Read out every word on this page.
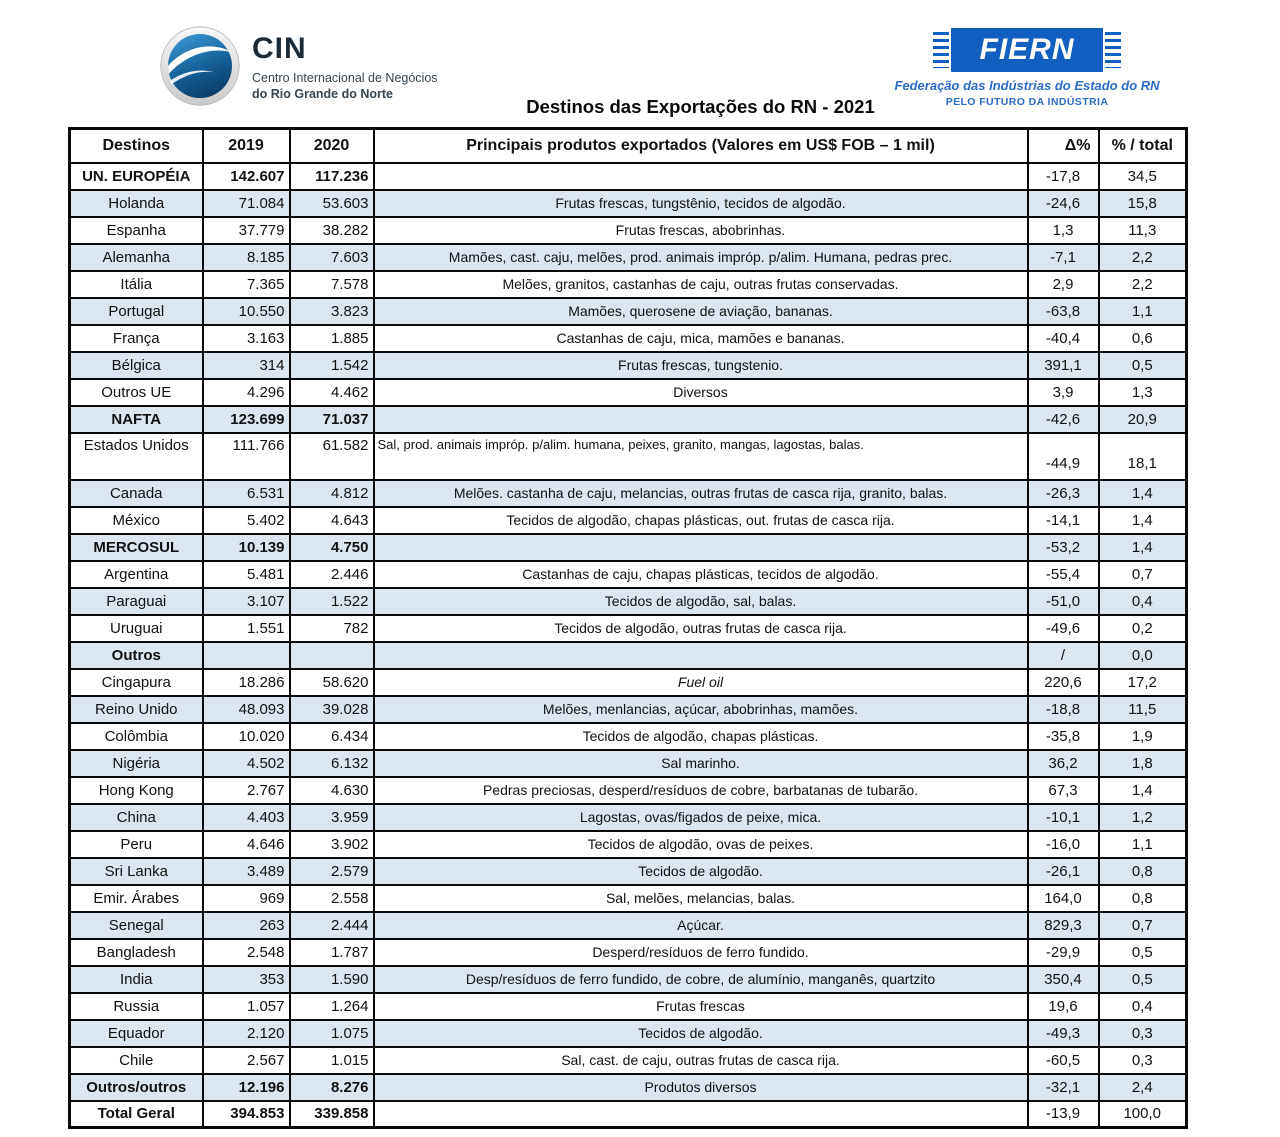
CIN
Centro Internacional de Negócios
do Rio Grande do Norte
FIERN
Federação das Indústrias do Estado do RN
PELO FUTURO DA INDÚSTRIA
Destinos das Exportações do RN - 2021
Destinos	2019	2020	Principais produtos exportados (Valores em US$ FOB – 1 mil)	Δ%	% / total
UN. EUROPÉIA	142.607	117.236		-17,8	34,5
Holanda	71.084	53.603	Frutas frescas, tungstênio, tecidos de algodão.	-24,6	15,8
Espanha	37.779	38.282	Frutas frescas, abobrinhas.	1,3	11,3
Alemanha	8.185	7.603	Mamões, cast. caju, melões, prod. animais impróp. p/alim. Humana, pedras prec.	-7,1	2,2
Itália	7.365	7.578	Melões, granitos, castanhas de caju, outras frutas conservadas.	2,9	2,2
Portugal	10.550	3.823	Mamões, querosene de aviação, bananas.	-63,8	1,1
França	3.163	1.885	Castanhas de caju, mica, mamões e bananas.	-40,4	0,6
Bélgica	314	1.542	Frutas frescas, tungstenio.	391,1	0,5
Outros UE	4.296	4.462	Diversos	3,9	1,3
NAFTA	123.699	71.037		-42,6	20,9
Estados Unidos	111.766	61.582	Sal, prod. animais impróp. p/alim. humana, peixes, granito, mangas, lagostas, balas.	-44,9	18,1
Canada	6.531	4.812	Melões. castanha de caju, melancias, outras frutas de casca rija, granito, balas.	-26,3	1,4
México	5.402	4.643	Tecidos de algodão, chapas plásticas, out. frutas de casca rija.	-14,1	1,4
MERCOSUL	10.139	4.750		-53,2	1,4
Argentina	5.481	2.446	Castanhas de caju, chapas plásticas, tecidos de algodão.	-55,4	0,7
Paraguai	3.107	1.522	Tecidos de algodão, sal, balas.	-51,0	0,4
Uruguai	1.551	782	Tecidos de algodão, outras frutas de casca rija.	-49,6	0,2
Outros				/	0,0
Cingapura	18.286	58.620	Fuel oil	220,6	17,2
Reino Unido	48.093	39.028	Melões, menlancias, açúcar, abobrinhas, mamões.	-18,8	11,5
Colômbia	10.020	6.434	Tecidos de algodão, chapas plásticas.	-35,8	1,9
Nigéria	4.502	6.132	Sal marinho.	36,2	1,8
Hong Kong	2.767	4.630	Pedras preciosas, desperd/resíduos de cobre, barbatanas de tubarão.	67,3	1,4
China	4.403	3.959	Lagostas, ovas/figados de peixe, mica.	-10,1	1,2
Peru	4.646	3.902	Tecidos de algodão, ovas de peixes.	-16,0	1,1
Sri Lanka	3.489	2.579	Tecidos de algodão.	-26,1	0,8
Emir. Árabes	969	2.558	Sal, melões, melancias, balas.	164,0	0,8
Senegal	263	2.444	Açúcar.	829,3	0,7
Bangladesh	2.548	1.787	Desperd/resíduos de ferro fundido.	-29,9	0,5
India	353	1.590	Desp/resíduos de ferro fundido, de cobre, de alumínio, manganês, quartzito	350,4	0,5
Russia	1.057	1.264	Frutas frescas	19,6	0,4
Equador	2.120	1.075	Tecidos de algodão.	-49,3	0,3
Chile	2.567	1.015	Sal, cast. de caju, outras frutas de casca rija.	-60,5	0,3
Outros/outros	12.196	8.276	Produtos diversos	-32,1	2,4
Total Geral	394.853	339.858		-13,9	100,0
